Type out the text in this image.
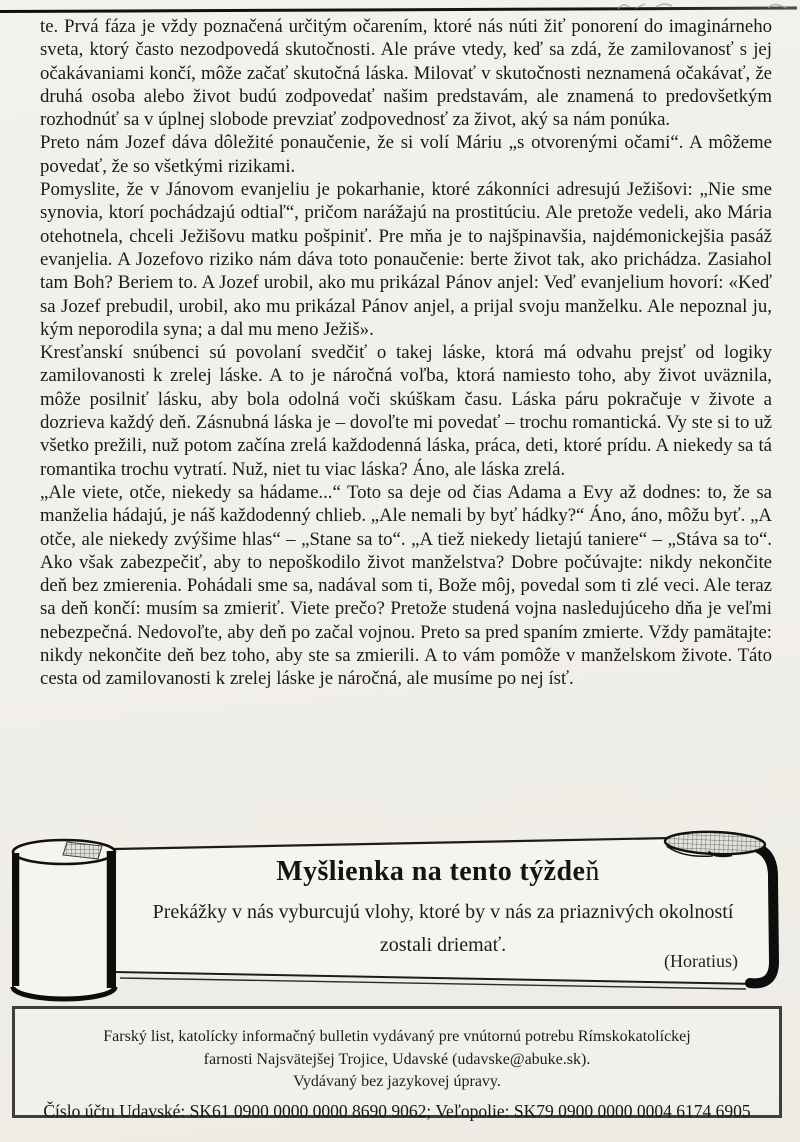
te. Prvá fáza je vždy poznačená určitým očarením, ktoré nás núti žiť ponorení do imaginárneho sveta, ktorý často nezodpovedá skutočnosti. Ale práve vtedy, keď sa zdá, že zamilovanosť s jej očakávaniami končí, môže začať skutočná láska. Milovať v skutočnosti neznamená očakávať, že druhá osoba alebo život budú zodpovedať našim predstavám, ale znamená to predovšetkým rozhodnúť sa v úplnej slobode prevziať zodpovednosť za život, aký sa nám ponúka.

Preto nám Jozef dáva dôležité ponaučenie, že si volí Máriu „s otvorenými očami“. A môžeme povedať, že so všetkými rizikami.

Pomyslite, že v Jánovom evanjeliu je pokarhanie, ktoré zákonníci adresujú Ježišovi: „Nie sme synovia, ktorí pochádzajú odtiaľ“, pričom narážajú na prostitúciu. Ale pretože vedeli, ako Mária otehotnela, chceli Ježišovu matku pošpiniť. Pre mňa je to najšpinavšia, najdémonickejšia pasáž evanjelia. A Jozefovo riziko nám dáva toto ponaučenie: berte život tak, ako prichádza. Zasiahol tam Boh? Beriem to. A Jozef urobil, ako mu prikázal Pánov anjel: Veď evanjelium hovorí: «Keď sa Jozef prebudil, urobil, ako mu prikázal Pánov anjel, a prijal svoju manželku. Ale nepoznal ju, kým neporodila syna; a dal mu meno Ježiš».

Kresťanskí snúbenci sú povolaní svedčiť o takej láske, ktorá má odvahu prejsť od logiky zamilovanosti k zrelej láske. A to je náročná voľba, ktorá namiesto toho, aby život uväznila, môže posilniť lásku, aby bola odolná voči skúškam času. Láska páru pokračuje v živote a dozrieva každý deň. Zásnubná láska je – dovoľte mi povedať – trochu romantická. Vy ste si to už všetko prežili, nuž potom začína zrelá každodenná láska, práca, deti, ktoré prídu. A niekedy sa tá romantika trochu vytratí. Nuž, niet tu viac láska? Áno, ale láska zrelá.

„Ale viete, otče, niekedy sa hádame...“ Toto sa deje od čias Adama a Evy až dodnes: to, že sa manželia hádajú, je náš každodenný chlieb. „Ale nemali by byť hádky?“ Áno, áno, môžu byť. „A otče, ale niekedy zvýšime hlas“ – „Stane sa to“. „A tiež niekedy lietajú taniere“ – „Stáva sa to“. Ako však zabezpečiť, aby to nepoškodilo život manželstva? Dobre počúvajte: nikdy nekončite deň bez zmierenia. Pohádali sme sa, nadával som ti, Bože môj, povedal som ti zlé veci. Ale teraz sa deň končí: musím sa zmieriť. Viete prečo? Pretože studená vojna nasledujúceho dňa je veľmi nebezpečná. Nedovoľte, aby deň po začal vojnou. Preto sa pred spaním zmierte. Vždy pamätajte: nikdy nekončite deň bez toho, aby ste sa zmierili. A to vám pomôže v manželskom živote. Táto cesta od zamilovanosti k zrelej láske je náročná, ale musíme po nej ísť.

Myšlienka na tento týždeň
Prekážky v nás vyburcujú vlohy, ktoré by v nás za priaznivých okolností
zostali driemať.
(Horatius)
Farský list, katolícky informačný bulletin vydávaný pre vnútornú potrebu Rímskokatolíckej
farnosti Najsvätejšej Trojice, Udavské (udavske@abuke.sk).
Vydávaný bez jazykovej úpravy.
Číslo účtu Udavské: SK61 0900 0000 0000 8690 9062; Veľopolie: SK79 0900 0000 0004 6174 6905
